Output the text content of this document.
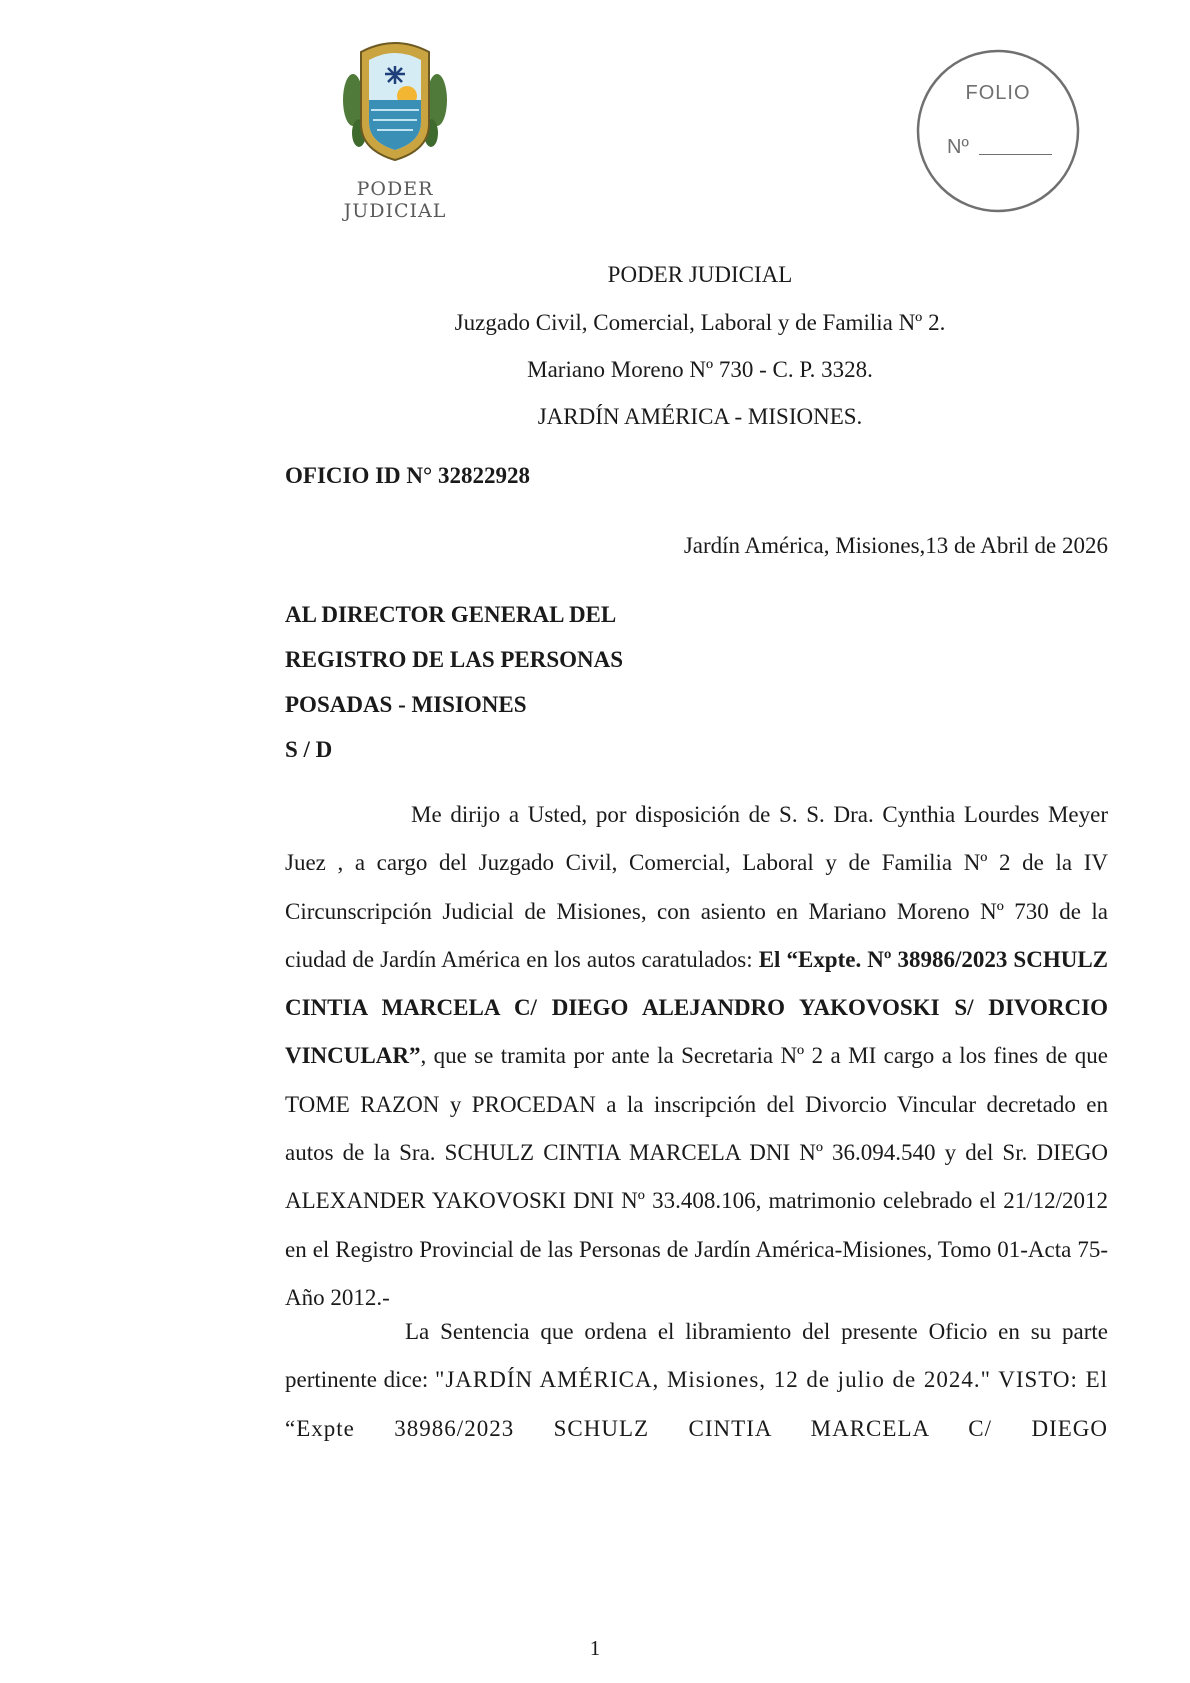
PODER JUDICIAL
FOLIO
Nº
PODER JUDICIAL
Juzgado Civil, Comercial, Laboral y de Familia Nº 2.
Mariano Moreno Nº 730 - C. P. 3328.
JARDÍN AMÉRICA - MISIONES.
OFICIO ID N° 32822928
Jardín América, Misiones,13 de Abril de 2026
AL DIRECTOR GENERAL DEL
REGISTRO DE LAS PERSONAS
POSADAS - MISIONES
S / D

Me dirijo a Usted, por disposición de S. S. Dra. Cynthia Lourdes Meyer Juez , a cargo del Juzgado Civil, Comercial, Laboral y de Familia Nº 2 de la IV Circunscripción Judicial de Misiones, con asiento en Mariano Moreno Nº 730 de la ciudad de Jardín América en los autos caratulados: El “Expte. Nº 38986/2023 SCHULZ CINTIA MARCELA C/ DIEGO ALEJANDRO YAKOVOSKI S/ DIVORCIO VINCULAR”, que se tramita por ante la Secretaria Nº 2 a MI cargo a los fines de que TOME RAZON y PROCEDAN a la inscripción del Divorcio Vincular decretado en autos de la Sra. SCHULZ CINTIA MARCELA DNI Nº 36.094.540 y del Sr. DIEGO ALEXANDER YAKOVOSKI DNI Nº 33.408.106, matrimonio celebrado el 21/12/2012 en el Registro Provincial de las Personas de Jardín América-Misiones, Tomo 01-Acta 75-Año 2012.-

La Sentencia que ordena el libramiento del presente Oficio en su parte pertinente dice: "JARDÍN AMÉRICA, Misiones, 12 de julio de 2024." VISTO: El “Expte 38986/2023 SCHULZ CINTIA MARCELA C/ DIEGO

1
